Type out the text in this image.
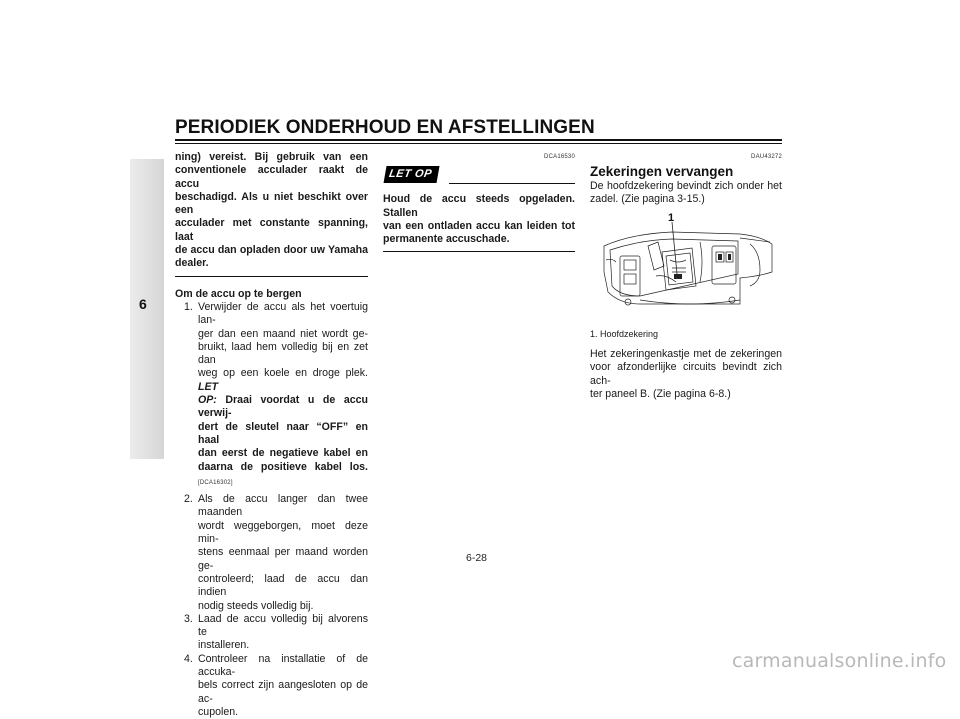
PERIODIEK ONDERHOUD EN AFSTELLINGEN
6
ning) vereist. Bij gebruik van een
conventionele acculader raakt de accu
beschadigd. Als u niet beschikt over een
acculader met constante spanning, laat
de accu dan opladen door uw Yamaha
dealer.
Om de accu op te bergen
1. Verwijder de accu als het voertuig lan-
ger dan een maand niet wordt ge-
bruikt, laad hem volledig bij en zet dan
weg op een koele en droge plek. LET
OP: Draai voordat u de accu verwij-
dert de sleutel naar “OFF” en haal
dan eerst de negatieve kabel en
daarna de positieve kabel los.
[DCA16302]
2. Als de accu langer dan twee maanden
wordt weggeborgen, moet deze min-
stens eenmaal per maand worden ge-
controleerd; laad de accu dan indien
nodig steeds volledig bij.
3. Laad de accu volledig bij alvorens te
installeren.
4. Controleer na installatie of de accuka-
bels correct zijn aangesloten op de ac-
cupolen.
DCA16530
LET OP
Houd de accu steeds opgeladen. Stallen
van een ontladen accu kan leiden tot
permanente accuschade.
DAU43272
Zekeringen vervangen
De hoofdzekering bevindt zich onder het
zadel. (Zie pagina 3-15.)
1
1. Hoofdzekering
Het zekeringenkastje met de zekeringen
voor afzonderlijke circuits bevindt zich ach-
ter paneel B. (Zie pagina 6-8.)
6-28
carmanualsonline.info
